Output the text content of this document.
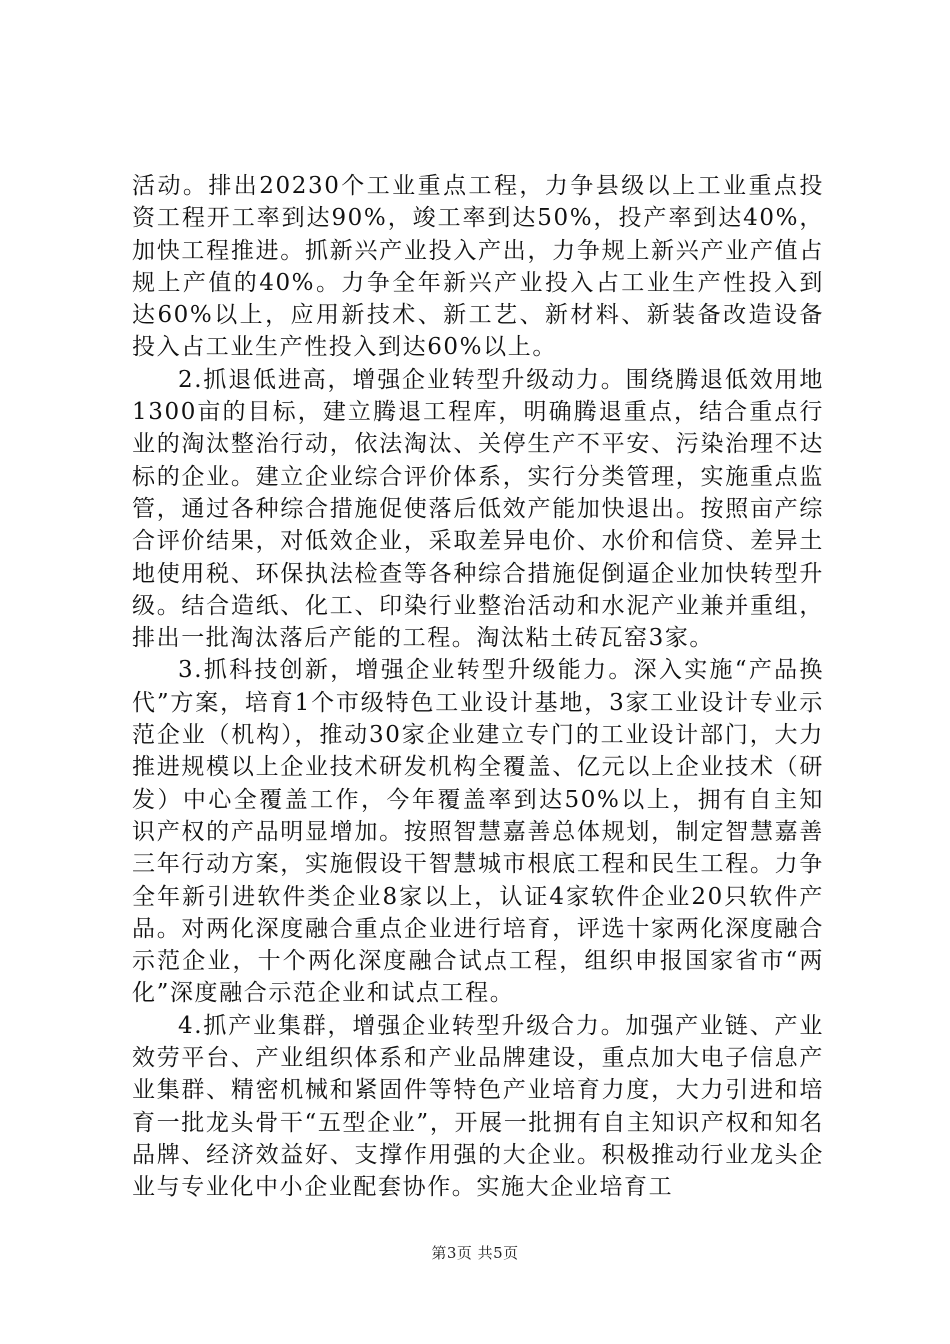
活动。排出20230个工业重点工程，力争县级以上工业重点投资工程开工率到达90%，竣工率到达50%，投产率到达40%，加快工程推进。抓新兴产业投入产出，力争规上新兴产业产值占规上产值的40%。力争全年新兴产业投入占工业生产性投入到达60%以上，应用新技术、新工艺、新材料、新装备改造设备投入占工业生产性投入到达60%以上。

2.抓退低进高，增强企业转型升级动力。围绕腾退低效用地1300亩的目标，建立腾退工程库，明确腾退重点，结合重点行业的淘汰整治行动，依法淘汰、关停生产不平安、污染治理不达标的企业。建立企业综合评价体系，实行分类管理，实施重点监管，通过各种综合措施促使落后低效产能加快退出。按照亩产综合评价结果，对低效企业，采取差异电价、水价和信贷、差异土地使用税、环保执法检查等各种综合措施促倒逼企业加快转型升级。结合造纸、化工、印染行业整治活动和水泥产业兼并重组，排出一批淘汰落后产能的工程。淘汰粘土砖瓦窑3家。

3.抓科技创新，增强企业转型升级能力。深入实施“产品换代”方案，培育1个市级特色工业设计基地，3家工业设计专业示范企业（机构），推动30家企业建立专门的工业设计部门，大力推进规模以上企业技术研发机构全覆盖、亿元以上企业技术（研发）中心全覆盖工作，今年覆盖率到达50%以上，拥有自主知识产权的产品明显增加。按照智慧嘉善总体规划，制定智慧嘉善三年行动方案，实施假设干智慧城市根底工程和民生工程。力争全年新引进软件类企业8家以上，认证4家软件企业20只软件产品。对两化深度融合重点企业进行培育，评选十家两化深度融合示范企业，十个两化深度融合试点工程，组织申报国家省市“两化”深度融合示范企业和试点工程。

4.抓产业集群，增强企业转型升级合力。加强产业链、产业效劳平台、产业组织体系和产业品牌建设，重点加大电子信息产业集群、精密机械和紧固件等特色产业培育力度，大力引进和培育一批龙头骨干“五型企业”，开展一批拥有自主知识产权和知名品牌、经济效益好、支撑作用强的大企业。积极推动行业龙头企业与专业化中小企业配套协作。实施大企业培育工

第3页 共5页
